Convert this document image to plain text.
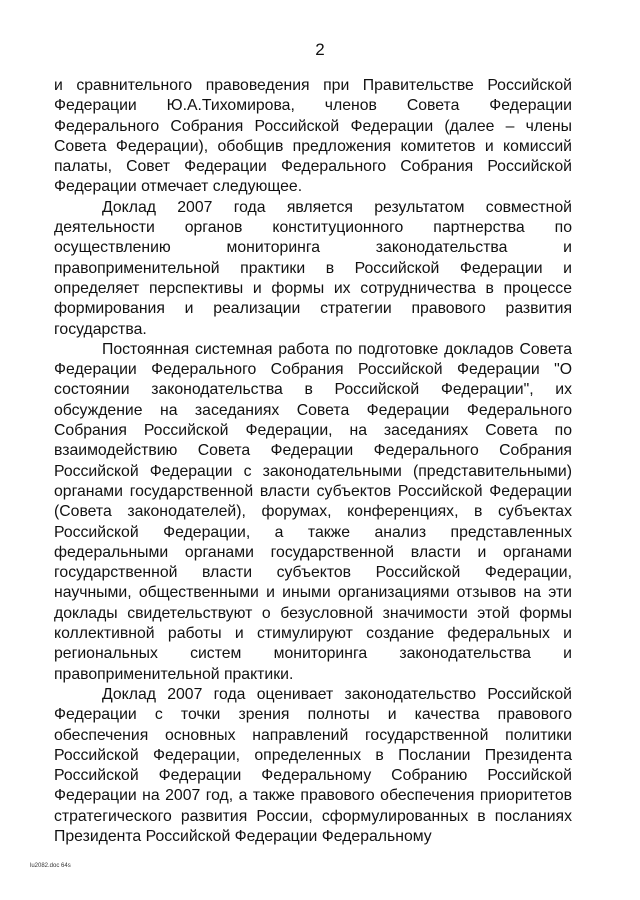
2

и сравнительного правоведения при Правительстве Российской Федерации Ю.А.Тихомирова, членов Совета Федерации Федерального Собрания Российской Федерации (далее – члены Совета Федерации), обобщив предложения комитетов и комиссий палаты, Совет Федерации Федерального Собрания Российской Федерации отмечает следующее.

Доклад 2007 года является результатом совместной деятельности органов конституционного партнерства по осуществлению мониторинга законодательства и правоприменительной практики в Российской Федерации и определяет перспективы и формы их сотрудничества в процессе формирования и реализации стратегии правового развития государства.

Постоянная системная работа по подготовке докладов Совета Федерации Федерального Собрания Российской Федерации "О состоянии законодательства в Российской Федерации", их обсуждение на заседаниях Совета Федерации Федерального Собрания Российской Федерации, на заседаниях Совета по взаимодействию Совета Федерации Федерального Собрания Российской Федерации с законодательными (представительными) органами государственной власти субъектов Российской Федерации (Совета законодателей), форумах, конференциях, в субъектах Российской Федерации, а также анализ представленных федеральными органами государственной власти и органами государственной власти субъектов Российской Федерации, научными, общественными и иными организациями отзывов на эти доклады свидетельствуют о безусловной значимости этой формы коллективной работы и стимулируют создание федеральных и региональных систем мониторинга законодательства и правоприменительной практики.

Доклад 2007 года оценивает законодательство Российской Федерации с точки зрения полноты и качества правового обеспечения основных направлений государственной политики Российской Федерации, определенных в Послании Президента Российской Федерации Федеральному Собранию Российской Федерации на 2007 год, а также правового обеспечения приоритетов стратегического развития России, сформулированных в посланиях Президента Российской Федерации Федеральному

lu2082.doc 64s
